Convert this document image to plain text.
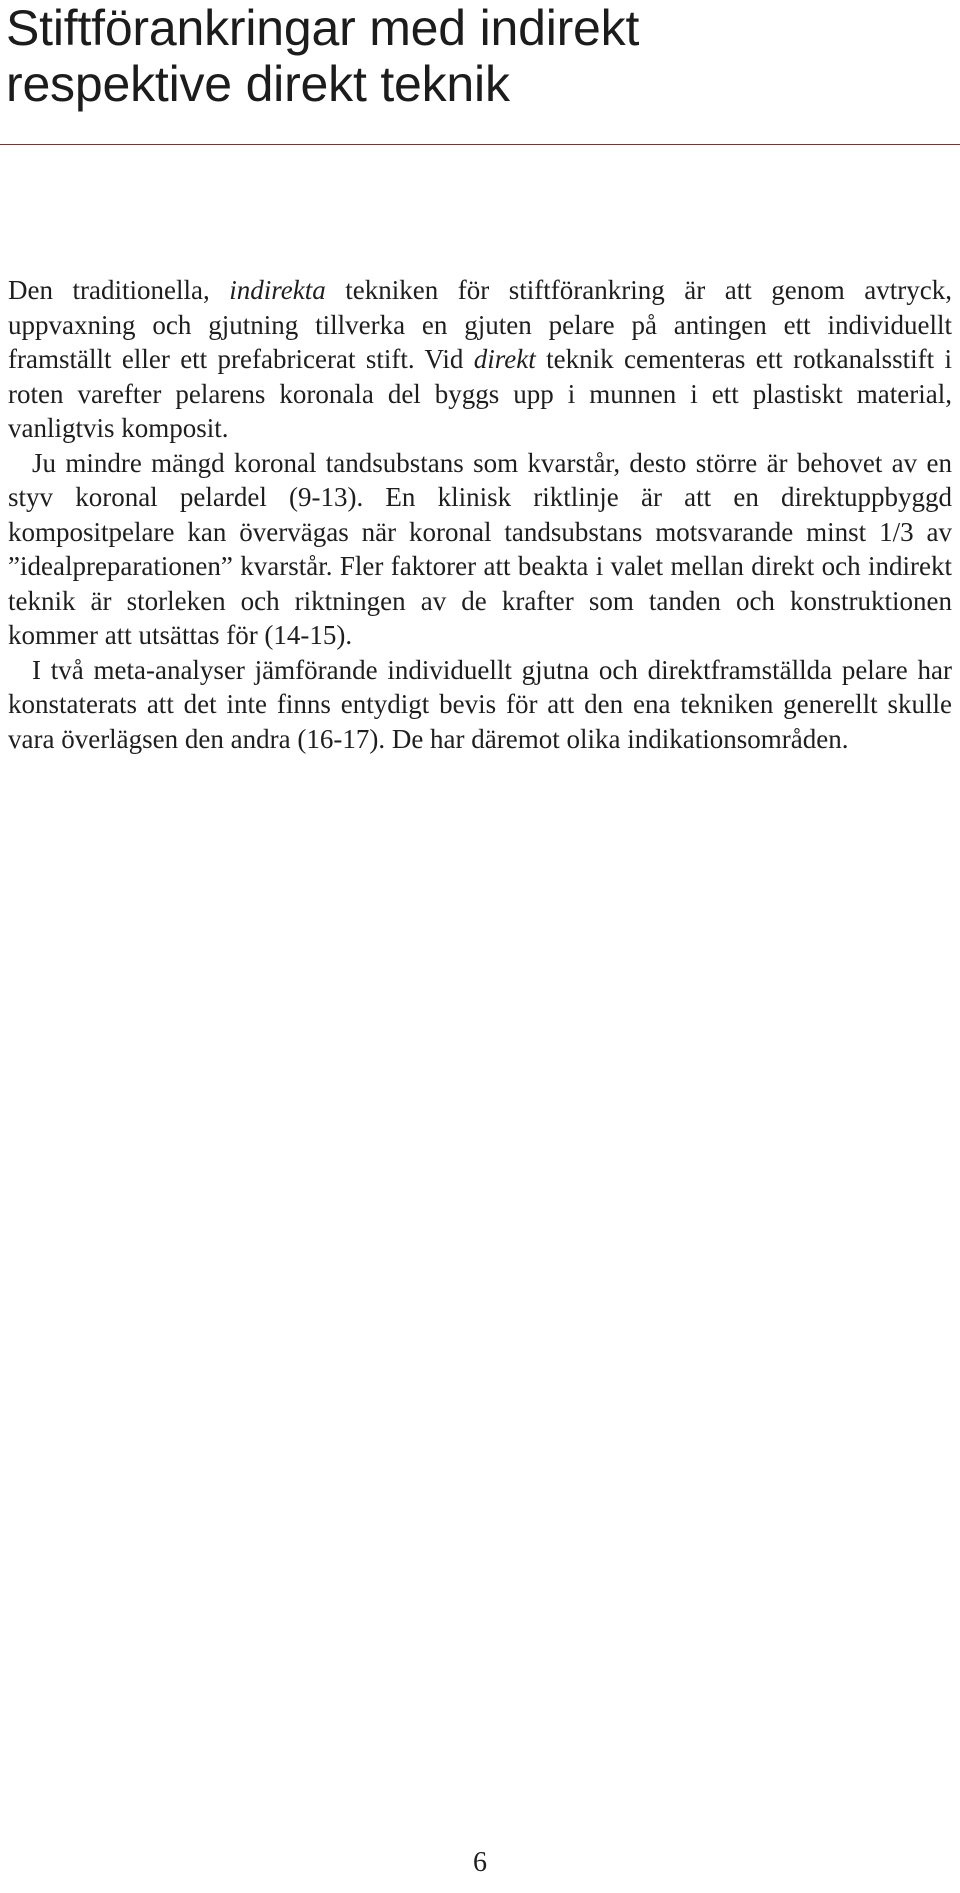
Stiftförankringar med indirekt
respektive direkt teknik

Den traditionella, indirekta tekniken för stiftförankring är att genom avtryck, uppvaxning och gjutning tillverka en gjuten pelare på antingen ett individuellt framställt eller ett prefabricerat stift. Vid direkt teknik cementeras ett rotkanalsstift i roten varefter pelarens koronala del byggs upp i munnen i ett plastiskt material, vanligtvis komposit.

Ju mindre mängd koronal tandsubstans som kvarstår, desto större är behovet av en styv koronal pelardel (9-13). En klinisk riktlinje är att en direktuppbyggd kompositpelare kan övervägas när koronal tandsubstans motsvarande minst 1/3 av ”idealpreparationen” kvarstår. Fler faktorer att beakta i valet mellan direkt och indirekt teknik är storleken och riktningen av de krafter som tanden och konstruktionen kommer att utsättas för (14-15).

I två meta-analyser jämförande individuellt gjutna och direktframställda pelare har konstaterats att det inte finns entydigt bevis för att den ena tekniken generellt skulle vara överlägsen den andra (16-17). De har däremot olika indikationsområden.

6
